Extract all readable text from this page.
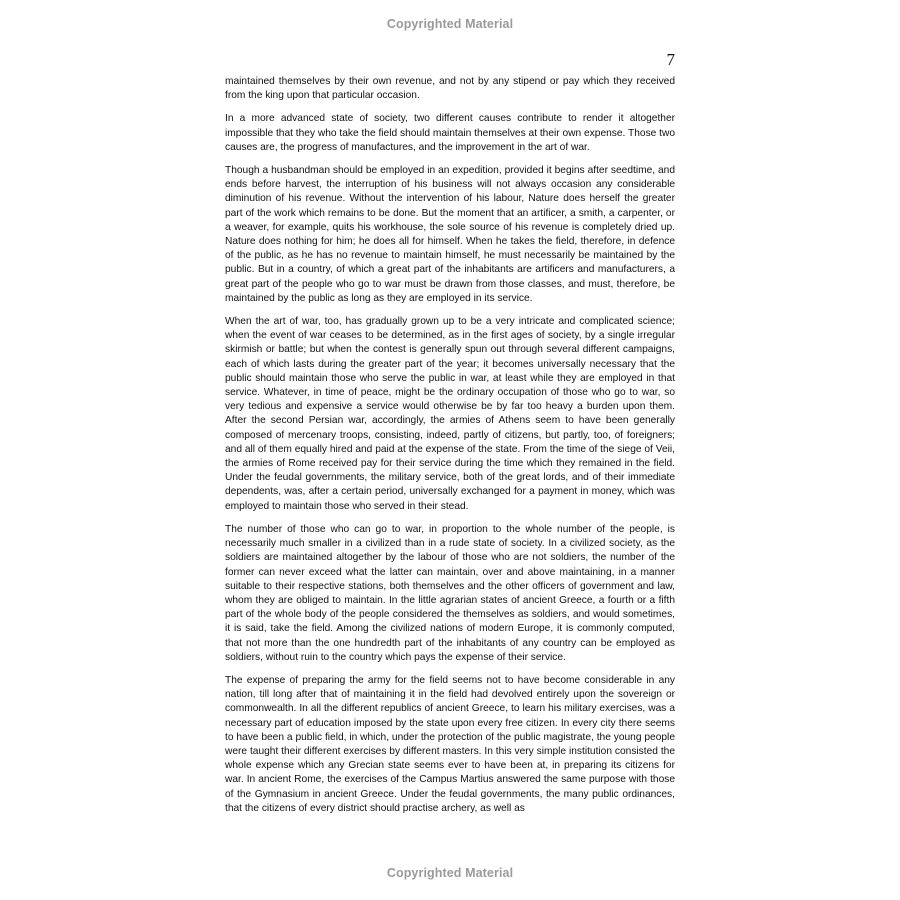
Copyrighted Material
7

maintained themselves by their own revenue, and not by any stipend or pay which they received from the king upon that particular occasion.

In a more advanced state of society, two different causes contribute to render it altogether impossible that they who take the field should maintain themselves at their own expense. Those two causes are, the progress of manufactures, and the improvement in the art of war.

Though a husbandman should be employed in an expedition, provided it begins after seedtime, and ends before harvest, the interruption of his business will not always occasion any considerable diminution of his revenue. Without the intervention of his labour, Nature does herself the greater part of the work which remains to be done. But the moment that an artificer, a smith, a carpenter, or a weaver, for example, quits his workhouse, the sole source of his revenue is completely dried up. Nature does nothing for him; he does all for himself. When he takes the field, therefore, in defence of the public, as he has no revenue to maintain himself, he must necessarily be maintained by the public. But in a country, of which a great part of the inhabitants are artificers and manufacturers, a great part of the people who go to war must be drawn from those classes, and must, therefore, be maintained by the public as long as they are employed in its service.

When the art of war, too, has gradually grown up to be a very intricate and complicated science; when the event of war ceases to be determined, as in the first ages of society, by a single irregular skirmish or battle; but when the contest is generally spun out through several different campaigns, each of which lasts during the greater part of the year; it becomes universally necessary that the public should maintain those who serve the public in war, at least while they are employed in that service. Whatever, in time of peace, might be the ordinary occupation of those who go to war, so very tedious and expensive a service would otherwise be by far too heavy a burden upon them. After the second Persian war, accordingly, the armies of Athens seem to have been generally composed of mercenary troops, consisting, indeed, partly of citizens, but partly, too, of foreigners; and all of them equally hired and paid at the expense of the state. From the time of the siege of Veii, the armies of Rome received pay for their service during the time which they remained in the field. Under the feudal governments, the military service, both of the great lords, and of their immediate dependents, was, after a certain period, universally exchanged for a payment in money, which was employed to maintain those who served in their stead.

The number of those who can go to war, in proportion to the whole number of the people, is necessarily much smaller in a civilized than in a rude state of society. In a civilized society, as the soldiers are maintained altogether by the labour of those who are not soldiers, the number of the former can never exceed what the latter can maintain, over and above maintaining, in a manner suitable to their respective stations, both themselves and the other officers of government and law, whom they are obliged to maintain. In the little agrarian states of ancient Greece, a fourth or a fifth part of the whole body of the people considered the themselves as soldiers, and would sometimes, it is said, take the field. Among the civilized nations of modern Europe, it is commonly computed, that not more than the one hundredth part of the inhabitants of any country can be employed as soldiers, without ruin to the country which pays the expense of their service.

The expense of preparing the army for the field seems not to have become considerable in any nation, till long after that of maintaining it in the field had devolved entirely upon the sovereign or commonwealth. In all the different republics of ancient Greece, to learn his military exercises, was a necessary part of education imposed by the state upon every free citizen. In every city there seems to have been a public field, in which, under the protection of the public magistrate, the young people were taught their different exercises by different masters. In this very simple institution consisted the whole expense which any Grecian state seems ever to have been at, in preparing its citizens for war. In ancient Rome, the exercises of the Campus Martius answered the same purpose with those of the Gymnasium in ancient Greece. Under the feudal governments, the many public ordinances, that the citizens of every district should practise archery, as well as

Copyrighted Material
